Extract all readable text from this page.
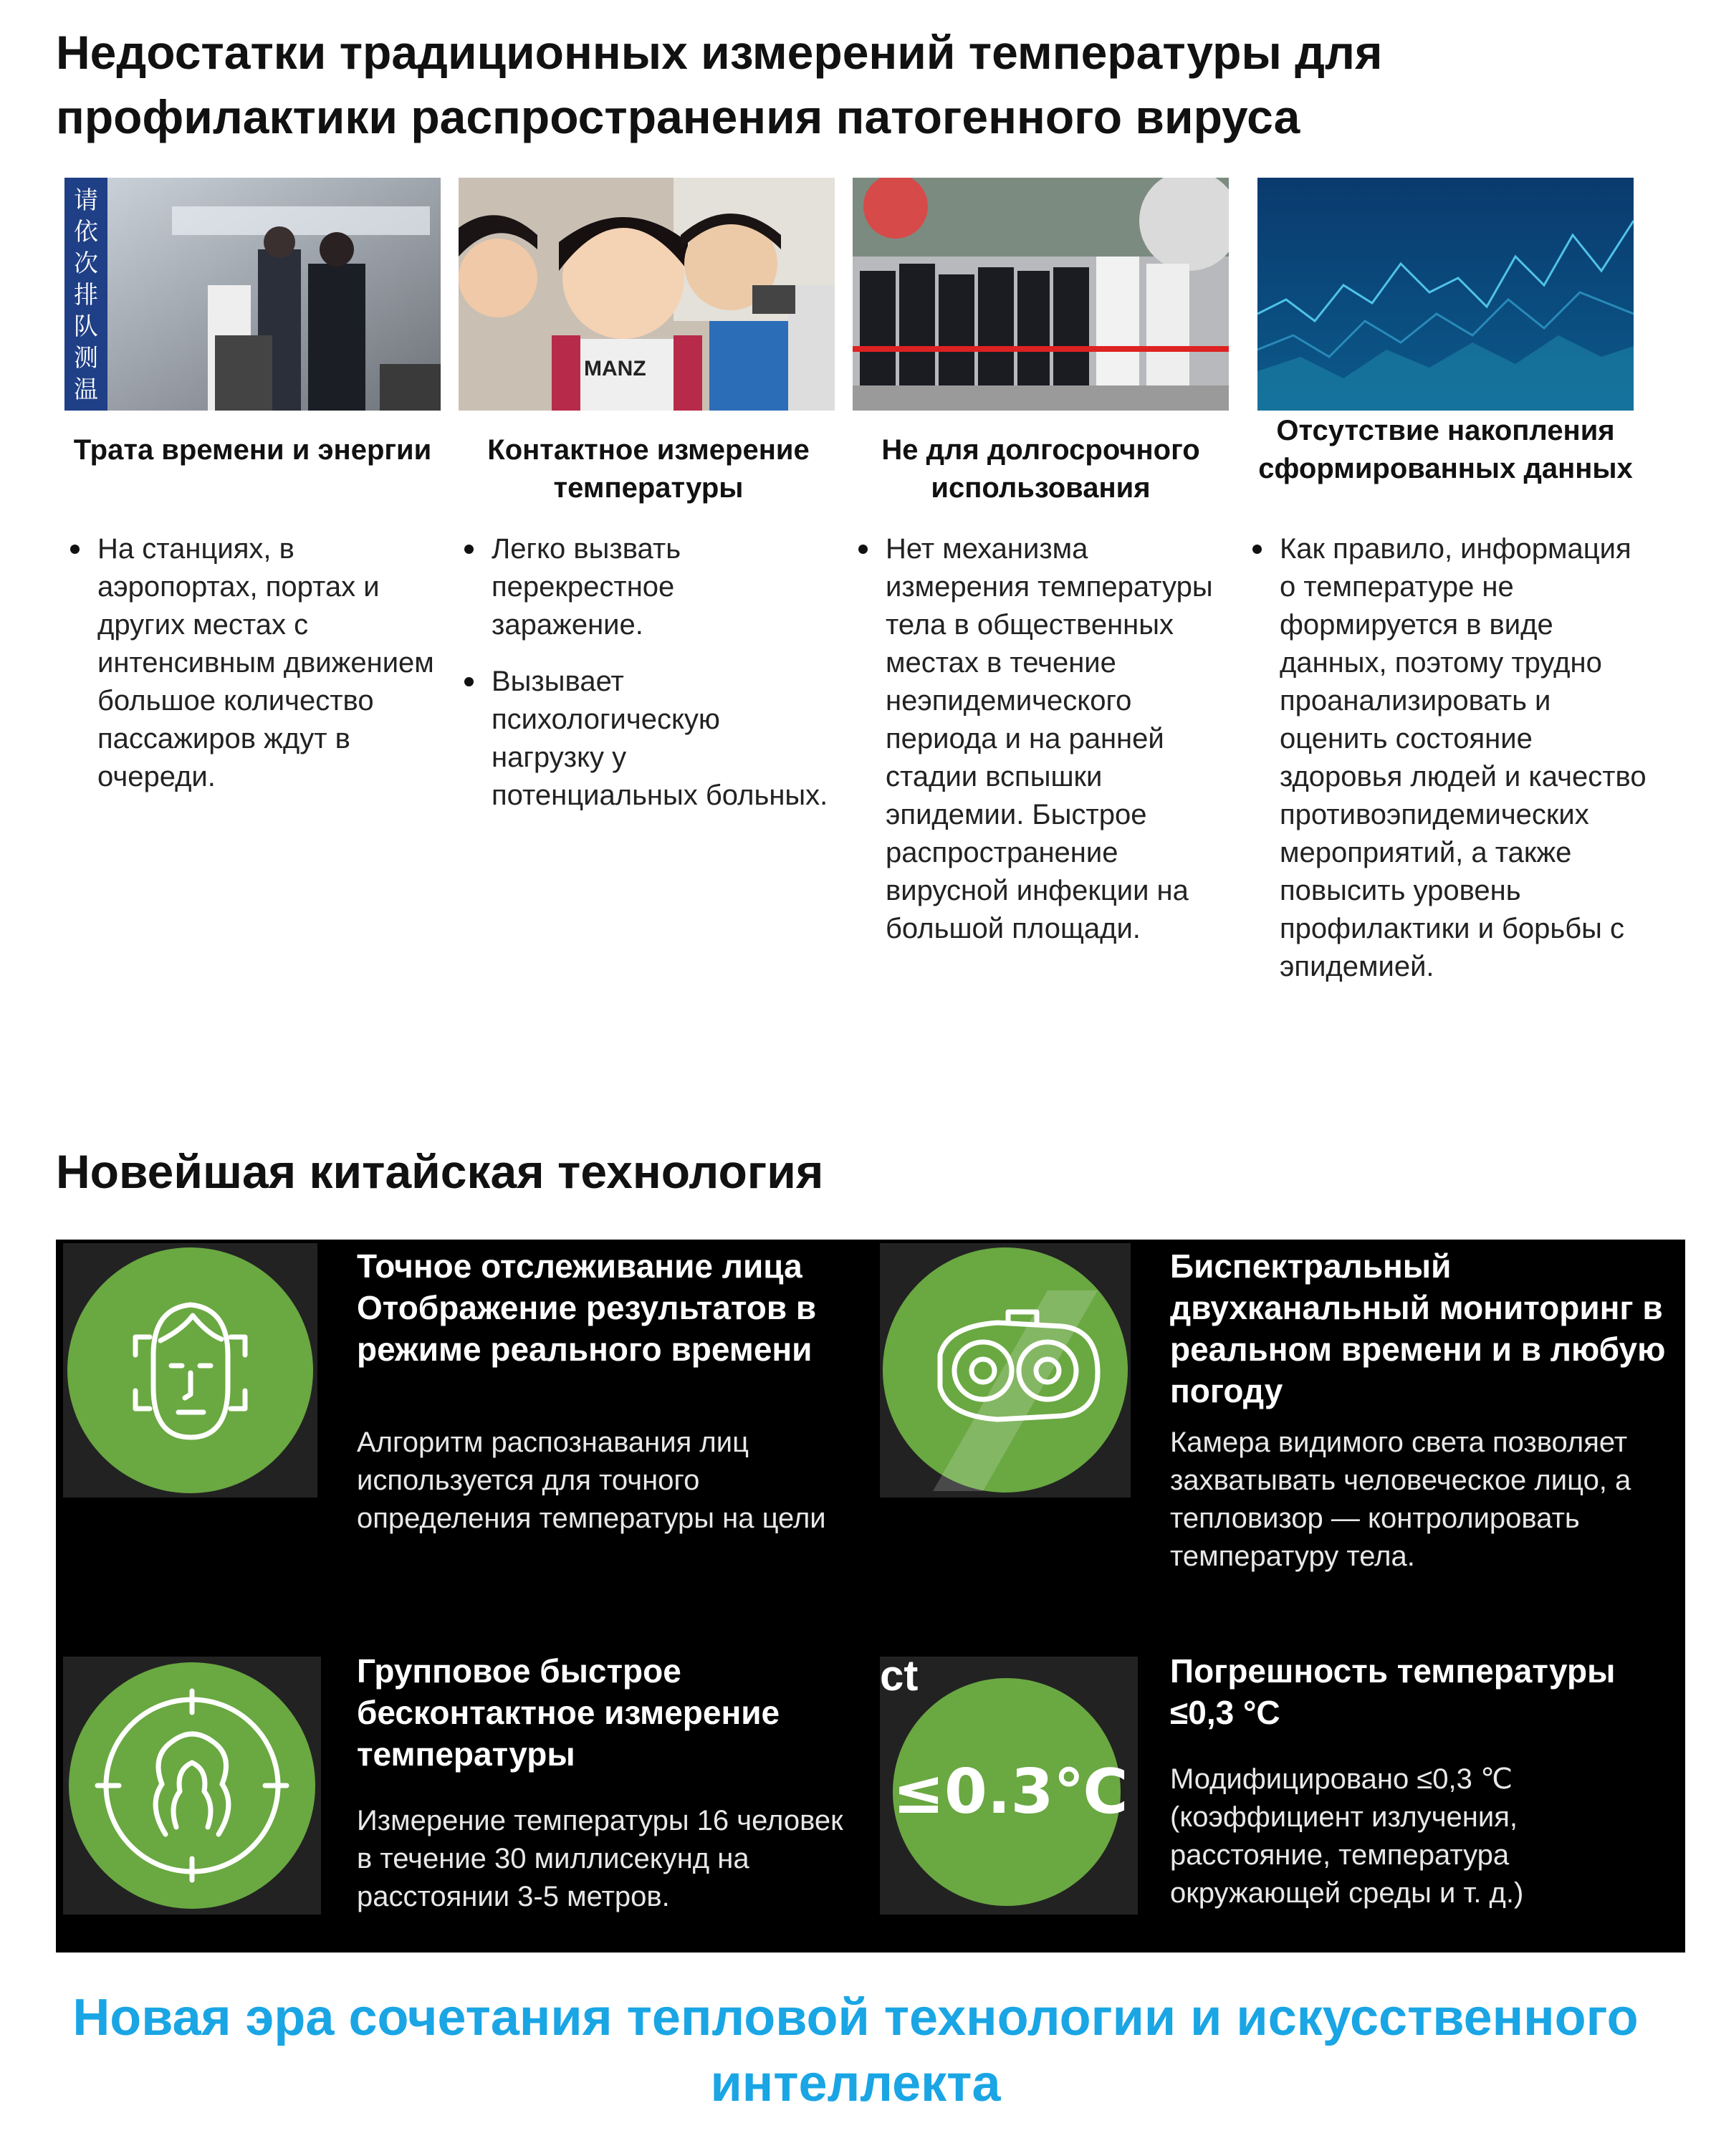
Недостатки традиционных измерений температуры для профилактики распространения патогенного вируса
请依次排队测温
MANZ
Трата времени и энергии	Контактное измерение температуры
Не для долгосрочного использования
Отсутствие накопления сформированных данных
На станциях, в аэропортах, портах и других местах с интенсивным движением большое количество пассажиров ждут в очереди.
Легко вызвать перекрестное заражение.
Вызывает психологическую нагрузку у потенциальных больных.
Нет механизма измерения температуры тела в общественных местах в течение неэпидемического периода и на ранней стадии вспышки эпидемии. Быстрое распространение вирусной инфекции на большой площади.
Как правило, информация о температуре не формируется в виде данных, поэтому трудно проанализировать и оценить состояние здоровья людей и качество противоэпидемических мероприятий, а также повысить уровень профилактики и борьбы с эпидемией.
Новейшая китайская технология

Точное отслеживание лица Отображение результатов в режиме реального времени

Алгоритм распознавания лиц используется для точного определения температуры на цели

Биспектральный двухканальный мониторинг в реальном времени и в любую погоду

Камера видимого света позволяет захватывать человеческое лицо, а тепловизор — контролировать температуру тела.

Групповое быстрое бесконтактное измерение температуры

Измерение температуры 16 человек в течение 30 миллисекунд на расстоянии 3-5 метров.

ct
≤0.3℃

Погрешность температуры ≤0,3 °C

Модифицировано ≤0,3 ℃ (коэффициент излучения, расстояние, температура окружающей среды и т. д.)

Новая эра сочетания тепловой технологии и искусственного интеллекта
